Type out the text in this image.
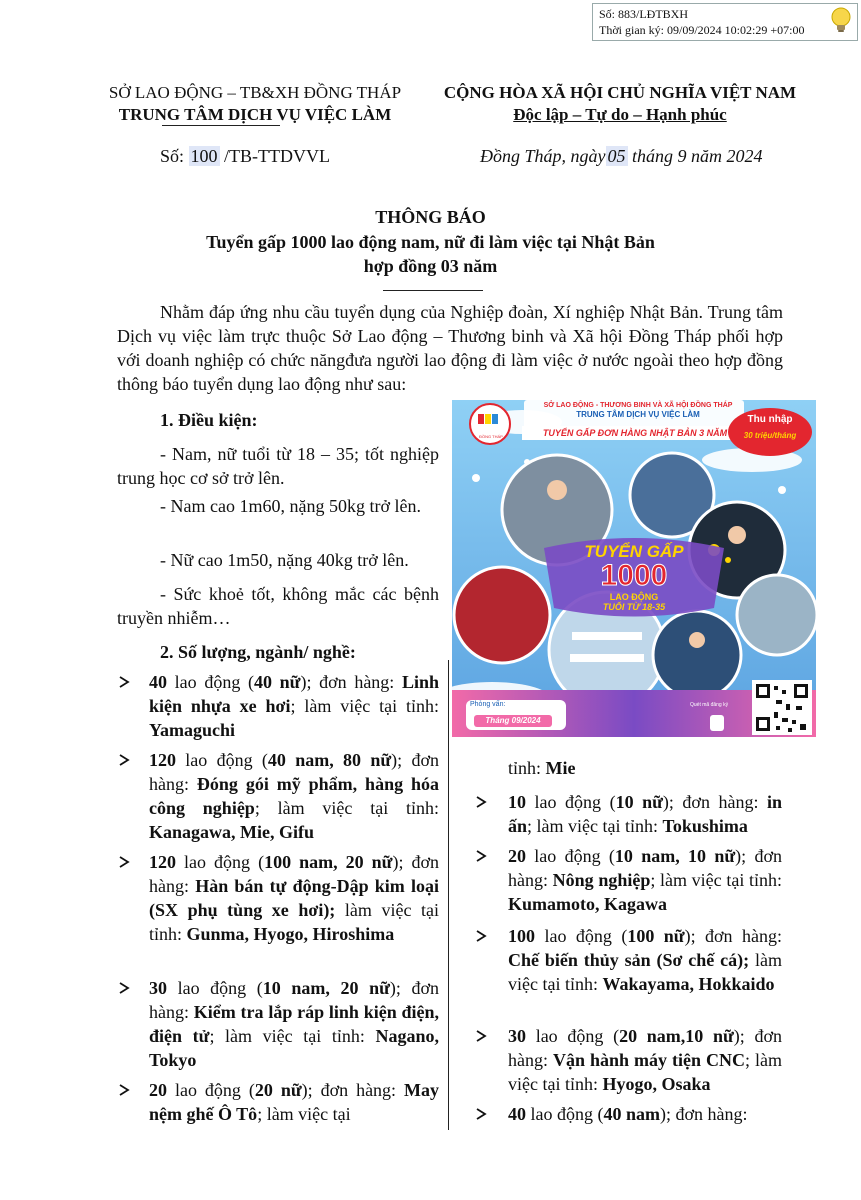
Số: 883/LĐTBXH
Thời gian ký: 09/09/2024 10:02:29 +07:00
SỞ LAO ĐỘNG – TB&XH ĐỒNG THÁP
TRUNG TÂM DỊCH VỤ VIỆC LÀM
CỘNG HÒA XÃ HỘI CHỦ NGHĨA VIỆT NAM
Độc lập – Tự do – Hạnh phúc
Số: 100 /TB-TTDVVL	Đồng Tháp, ngày 05 tháng 9 năm 2024
THÔNG BÁO
Tuyển gấp 1000 lao động nam, nữ đi làm việc tại Nhật Bản
hợp đồng 03 năm

Nhằm đáp ứng nhu cầu tuyển dụng của Nghiệp đoàn, Xí nghiệp Nhật Bản. Trung tâm Dịch vụ việc làm trực thuộc Sở Lao động – Thương binh và Xã hội Đồng Tháp phối hợp với doanh nghiệp có chức năngđưa người lao động đi làm việc ở nước ngoài theo hợp đồng thông báo tuyển dụng lao động như sau:

1. Điều kiện:

- Nam, nữ tuổi từ 18 – 35; tốt nghiệp trung học cơ sở trở lên.

- Nam cao 1m60, nặng 50kg trở lên.

- Nữ cao 1m50, nặng 40kg trở lên.

- Sức khoẻ tốt, không mắc các bệnh truyền nhiễm…

2. Số lượng, ngành/ nghề:
SỞ LAO ĐỘNG - THƯƠNG BINH VÀ XÃ HỘI ĐỒNG THÁP
TRUNG TÂM DỊCH VỤ VIỆC LÀM
TUYỂN GẤP ĐƠN HÀNG NHẬT BẢN 3 NĂM
Thu nhập
30 triệu/tháng
ĐỒNG THÁP
TUYỂN GẤP
1000
LAO ĐỘNG
TUỔI TỪ 18-35
Phỏng vấn:
Tháng 09/2024
Quét mã đăng ký
40 lao động (40 nữ); đơn hàng: Linh kiện nhựa xe hơi; làm việc tại tỉnh: Yamaguchi
120 lao động (40 nam, 80 nữ); đơn hàng: Đóng gói mỹ phẩm, hàng hóa công nghiệp; làm việc tại tỉnh: Kanagawa, Mie, Gifu
120 lao động (100 nam, 20 nữ); đơn hàng: Hàn bán tự động-Dập kim loại (SX phụ tùng xe hơi); làm việc tại tỉnh: Gunma, Hyogo, Hiroshima
30 lao động (10 nam, 20 nữ); đơn hàng: Kiểm tra lắp ráp linh kiện điện, điện tử; làm việc tại tỉnh: Nagano, Tokyo
20 lao động (20 nữ); đơn hàng: May nệm ghế Ô Tô; làm việc tại
tỉnh: Mie
10 lao động (10 nữ); đơn hàng: in ấn; làm việc tại tỉnh: Tokushima
20 lao động (10 nam, 10 nữ); đơn hàng: Nông nghiệp; làm việc tại tỉnh: Kumamoto, Kagawa
100 lao động (100 nữ); đơn hàng: Chế biến thủy sản (Sơ chế cá); làm việc tại tỉnh: Wakayama, Hokkaido
30 lao động (20 nam,10 nữ); đơn hàng: Vận hành máy tiện CNC; làm việc tại tỉnh: Hyogo, Osaka
40 lao động (40 nam); đơn hàng:
